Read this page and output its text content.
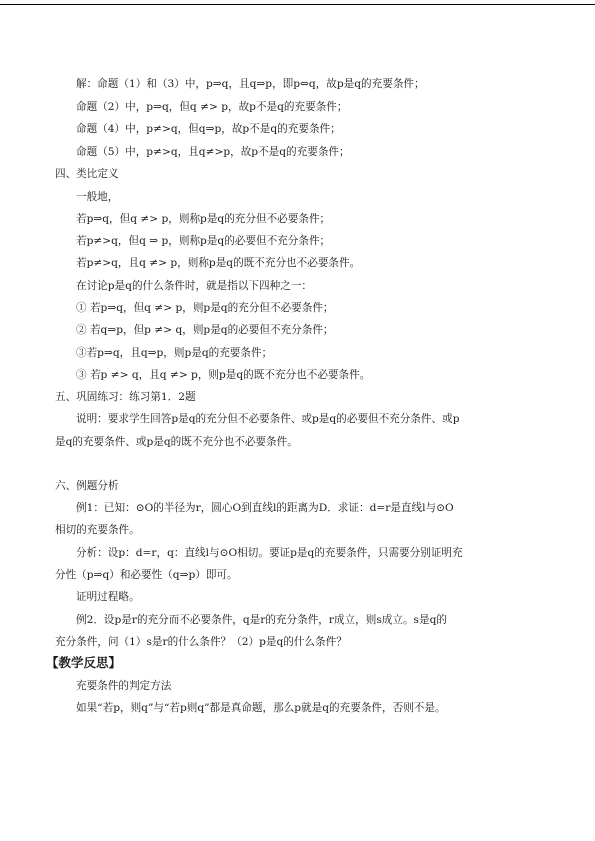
解：命题（1）和（3）中，p⇒q，且q⇒p，即p⇔q，故p是q的充要条件；
命题（2）中，p⇒q，但q ≠> p，故p不是q的充要条件；
命题（4）中，p≠>q，但q⇒p，故p不是q的充要条件；
命题（5）中，p≠>q，且q≠>p，故p不是q的充要条件；
四、类比定义
一般地，
若p⇒q，但q ≠> p，则称p是q的充分但不必要条件；
若p≠>q，但q ⇒ p，则称p是q的必要但不充分条件；
若p≠>q，且q ≠> p，则称p是q的既不充分也不必要条件。
在讨论p是q的什么条件时，就是指以下四种之一：
① 若p⇒q，但q ≠> p，则p是q的充分但不必要条件；
② 若q⇒p，但p ≠> q，则p是q的必要但不充分条件；
③若p⇒q，且q⇒p，则p是q的充要条件；
③ 若p ≠> q，且q ≠> p，则p是q的既不充分也不必要条件。
五、巩固练习：练习第1．2题
说明：要求学生回答p是q的充分但不必要条件、或p是q的必要但不充分条件、或p
是q的充要条件、或p是q的既不充分也不必要条件。
六、例题分析
例1：已知：⊙O的半径为r，圆心O到直线l的距离为D．求证：d=r是直线l与⊙O
相切的充要条件。
分析：设p：d=r，q：直线l与⊙O相切。要证p是q的充要条件，只需要分别证明充
分性（p⇒q）和必要性（q⇒p）即可。
证明过程略。
例2．设p是r的充分而不必要条件，q是r的充分条件，r成立，则s成立。s是q的
充分条件，问（1）s是r的什么条件？（2）p是q的什么条件？
【教学反思】
充要条件的判定方法
如果“若p，则q”与“若p则q”都是真命题，那么p就是q的充要条件，否则不是。
